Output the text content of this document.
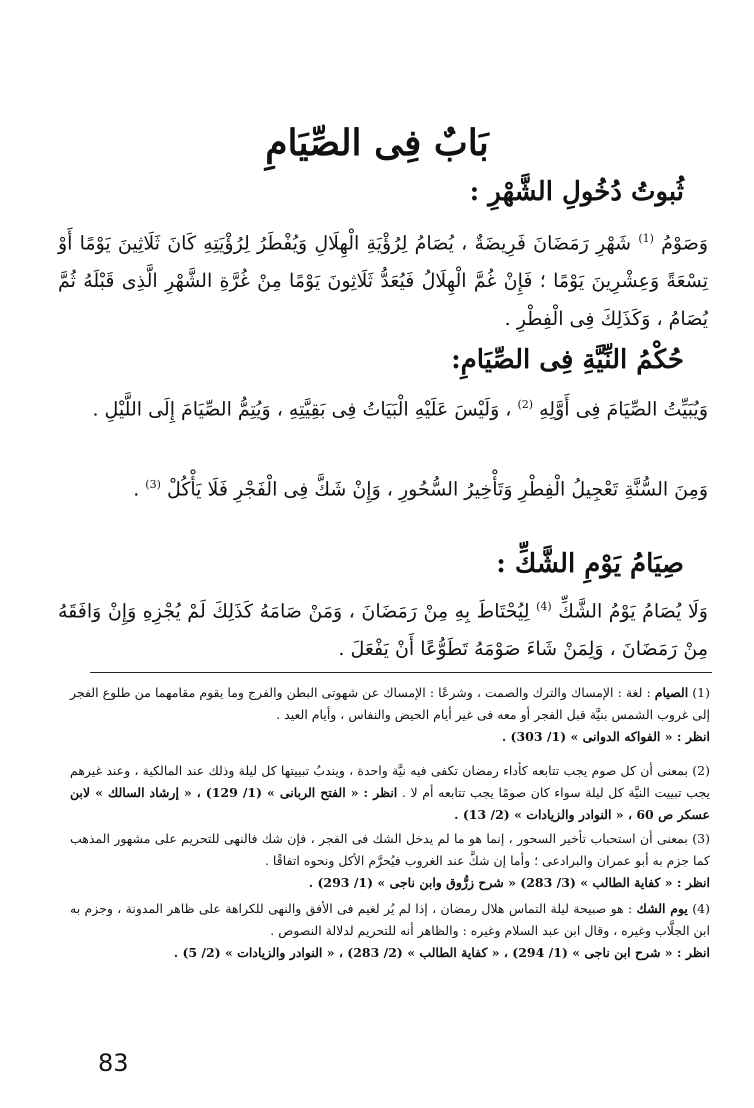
بَابٌ فِى الصِّيَامِ
ثُبوتُ دُخُولِ الشَّهْرِ :

وَصَوْمُ $^{(1)}$ شَهْرِ رَمَضَانَ فَرِيضَةٌ ، يُصَامُ لِرُؤْيَةِ الْهِلَالِ وَيُفْطَرُ لِرُؤْيَتِهِ كَانَ ثَلَاثِينَ يَوْمًا أَوْ تِسْعَةً وَعِشْرِينَ يَوْمًا ؛ فَإِنْ غُمَّ الْهِلَالُ فَيُعَدُّ ثَلَاثِونَ يَوْمًا مِنْ غُرَّةِ الشَّهْرِ الَّذِى قَبْلَهُ ثُمَّ يُصَامُ ، وَكَذَلِكَ فِى الْفِطْرِ .

حُكْمُ النِّيَّةِ فِى الصِّيَامِ:

وَيُبَيِّتُ الصِّيَامَ فِى أَوَّلِهِ $^{(2)}$ ، وَلَيْسَ عَلَيْهِ الْبَيَاتُ فِى بَقِيَّتِهِ ، وَيُتِمُّ الصِّيَامَ إِلَى اللَّيْلِ .

وَمِنَ السُّنَّةِ تَعْجِيلُ الْفِطْرِ وَتَأْخِيرُ السُّحُورِ ، وَإِنْ شَكَّ فِى الْفَجْرِ فَلَا يَأْكُلْ $^{(3)}$ .

صِيَامُ يَوْمِ الشَّكِّ :

وَلَا يُصَامُ يَوْمُ الشَّكِّ $^{(4)}$ لِيُحْتَاطَ بِهِ مِنْ رَمَضَانَ ، وَمَنْ صَامَهُ كَذَلِكَ لَمْ يُجْزِهِ وَإِنْ وَافَقَهُ مِنْ رَمَضَانَ ، وَلِمَنْ شَاءَ صَوْمَهُ تَطَوُّعًا أَنْ يَفْعَلَ .

(1) الصيام : لغة : الإمساك والترك والصمت ، وشرعًا : الإمساك عن شهوتى البطن والفرج وما يقوم مقامهما من طلوع الفجر إلى غروب الشمس بنيَّة قبل الفجر أو معه فى غير أيام الحيض والنفاس ، وأيام العيد .
انظر : « الفواكه الدوانى » (1/ 303) .

(2) بمعنى أن كل صوم يجب تتابعه كأداء رمضان تكفى فيه نيَّة واحدة ، ويندبُ تبييتها كل ليلة وذلك عند المالكية ، وعند غيرهم يجب تبييت النيَّة كل ليلة سواء كان صومًا يجب تتابعه أم لا . انظر : « الفتح الربانى » (1/ 129) ، « إرشاد السالك » لابن عسكر ص 60 ، « النوادر والزيادات » (2/ 13) .

(3) بمعنى أن استحباب تأخير السحور ، إنما هو ما لم يدخل الشك فى الفجر ، فإن شك فالنهى للتحريم على مشهور المذهب كما جزم به أبو عمران والبرادعى ؛ وأما إن شكَّ عند الغروب فيُحرَّم الأكل ونحوه اتفاقًا .
انظر : « كفاية الطالب » (3/ 283) « شرح زرُّوق وابن ناجى » (1/ 293) .

(4) يوم الشك : هو صبيحة ليلة التماس هلال رمضان ، إذا لم يُر لغيم فى الأفق والنهى للكراهة على ظاهر المدونة ، وجزم به ابن الجلَّاب وغيره ، وقال ابن عبد السلام وغيره : والظاهر أنه للتحريم لدلالة النصوص .
انظر : « شرح ابن ناجى » (1/ 294) ، « كفاية الطالب » (2/ 283) ، « النوادر والزيادات » (2/ 5) .

83
